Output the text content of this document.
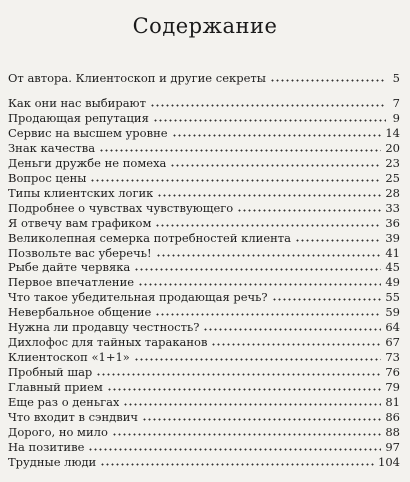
Содержание
От автора. Клиентоскоп и другие секреты	5
Как они нас выбирают	7
Продающая репутация	9
Сервис на высшем уровне	14
Знак качества	20
Деньги дружбе не помеха	23
Вопрос цены	25
Типы клиентских логик	28
Подробнее о чувствах чувствующего	33
Я отвечу вам графиком	36
Великолепная семерка потребностей клиента	39
Позвольте вас уберечь!	41
Рыбе дайте червяка	45
Первое впечатление	49
Что такое убедительная продающая речь?	55
Невербальное общение	59
Нужна ли продавцу честность?	64
Дихлофос для тайных тараканов	67
Клиентоскоп «1+1»	73
Пробный шар	76
Главный прием	79
Еще раз о деньгах	81
Что входит в сэндвич	86
Дорого, но мило	88
На позитиве	97
Трудные люди	104
